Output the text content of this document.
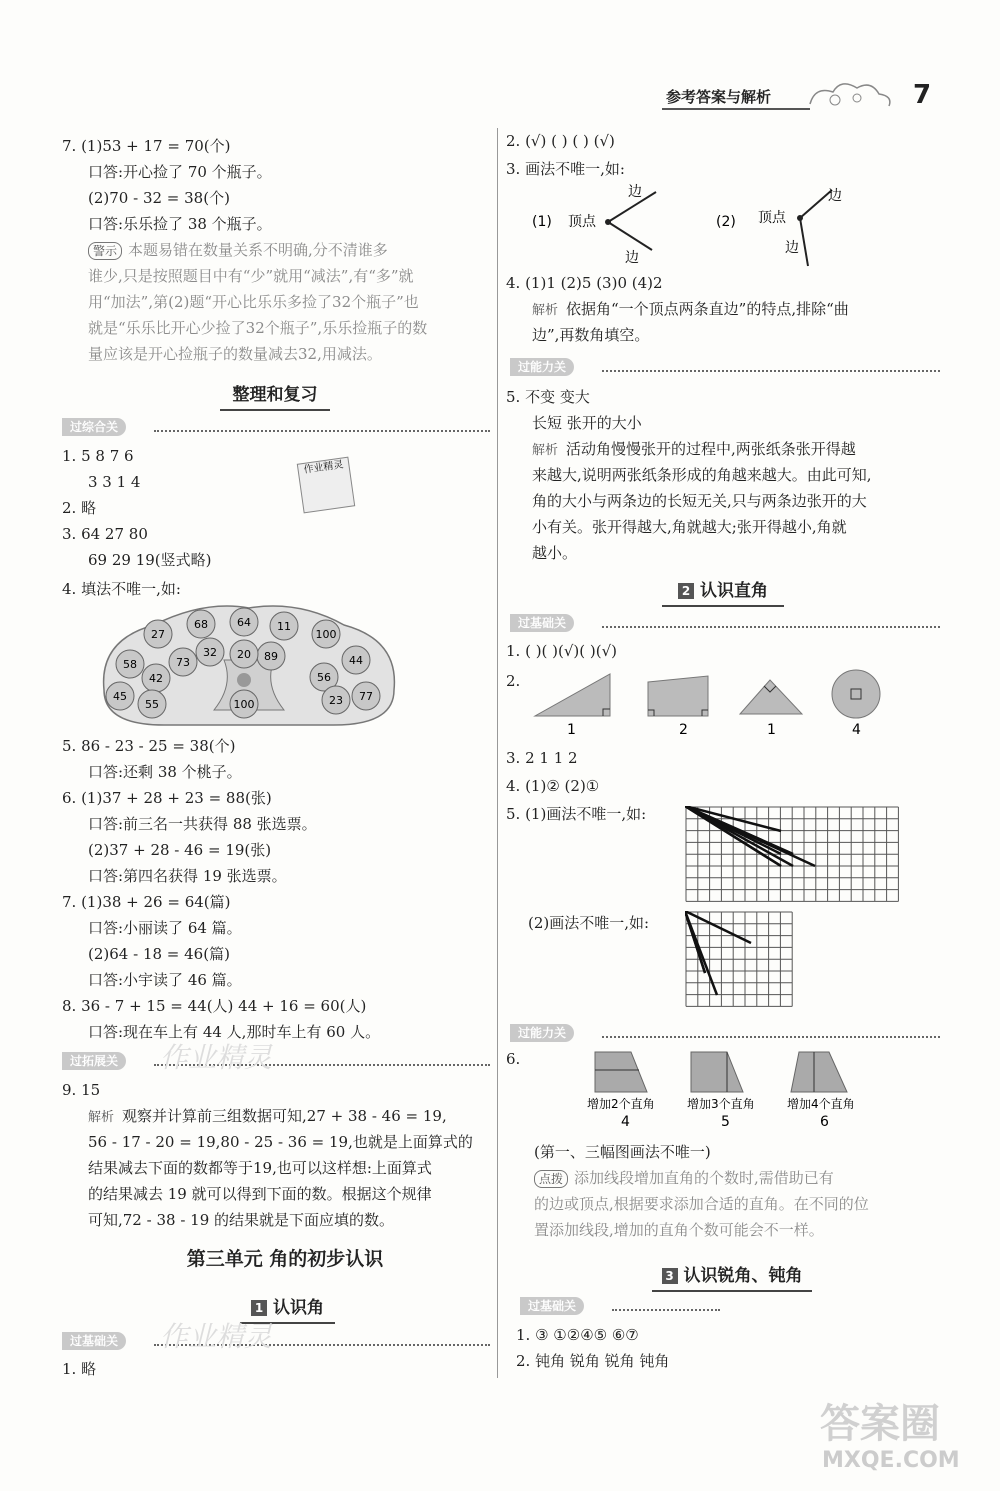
参考答案与解析	7
7. (1)53 + 17 = 70(个)
口答:开心捡了 70 个瓶子。
(2)70 - 32 = 38(个)
口答:乐乐捡了 38 个瓶子。
警示 本题易错在数量关系不明确,分不清谁多
谁少,只是按照题目中有“少”就用“减法”,有“多”就
用“加法”,第(2)题“开心比乐乐多捡了32个瓶子”也
就是“乐乐比开心少捡了32个瓶子”,乐乐捡瓶子的数
量应该是开心捡瓶子的数量减去32,用减法。
整理和复习
过综合关
作业精灵
1. 5 8 7 6
3 3 1 4
2. 略
3. 64 27 80
69 29 19(竖式略)
4. 填法不唯一,如:
27
68	64 11
100
58
32	89	44
73
20
42	56
45
55	100	23 77
5. 86 - 23 - 25 = 38(个)
口答:还剩 38 个桃子。
6. (1)37 + 28 + 23 = 88(张)
口答:前三名一共获得 88 张选票。
(2)37 + 28 - 46 = 19(张)
口答:第四名获得 19 张选票。
7. (1)38 + 26 = 64(篇)
口答:小丽读了 64 篇。
(2)64 - 18 = 46(篇)
口答:小宇读了 46 篇。
8. 36 - 7 + 15 = 44(人) 44 + 16 = 60(人)
口答:现在车上有 44 人,那时车上有 60 人。
过拓展关 作业精灵
9. 15
解析 观察并计算前三组数据可知,27 + 38 - 46 = 19,
56 - 17 - 20 = 19,80 - 25 - 36 = 19,也就是上面算式的
结果减去下面的数都等于19,也可以这样想:上面算式
的结果减去 19 就可以得到下面的数。根据这个规律
可知,72 - 38 - 19 的结果就是下面应填的数。
第三单元 角的初步认识
1 认识角
过基础关 作业精灵
1. 略
2. (√) ( ) ( ) (√)
3. 画法不唯一,如:
(1) 顶点
边
边
(2) 顶点
边
边
4. (1)1 (2)5 (3)0 (4)2
解析 依据角“一个顶点两条直边”的特点,排除“曲
边”,再数角填空。
过能力关
5. 不变 变大
长短 张开的大小
解析 活动角慢慢张开的过程中,两张纸条张开得越
来越大,说明两张纸条形成的角越来越大。由此可知,
角的大小与两条边的长短无关,只与两条边张开的大
小有关。张开得越大,角就越大;张开得越小,角就
越小。
2 认识直角
过基础关
1. ( )( )(√)( )(√)
2.
1	2	1	4
3. 2 1 1 2
4. (1)② (2)①
5. (1)画法不唯一,如:
(2)画法不唯一,如:
过能力关
6.
增加2个直角	增加3个直角	增加4个直角
4	5	6
(第一、三幅图画法不唯一)
点拨 添加线段增加直角的个数时,需借助已有
的边或顶点,根据要求添加合适的直角。在不同的位
置添加线段,增加的直角个数可能会不一样。
3 认识锐角、钝角
过基础关
1. ③ ①②④⑤ ⑥⑦
2. 钝角 锐角 锐角 钝角
答案圈
MXQE.COM
